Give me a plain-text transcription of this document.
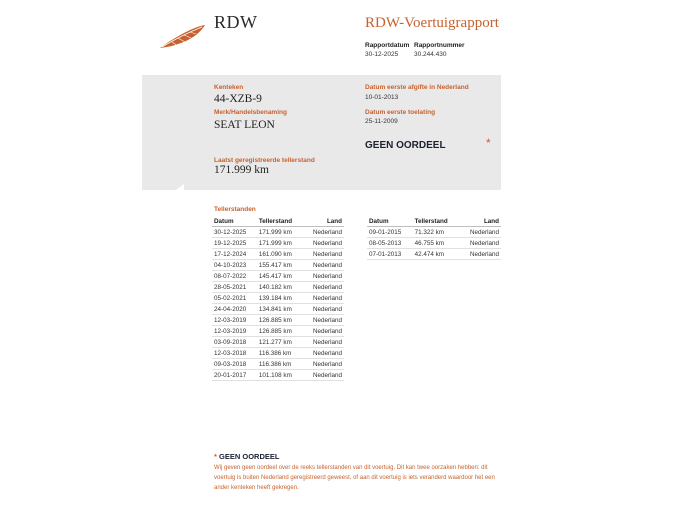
RDW	RDW-Voertuigrapport
Rapportdatum
30-12-2025
Rapportnummer
30.244.430
Kenteken
44-XZB-9
Merk/Handelsbenaming
SEAT LEON
Laatst geregistreerde tellerstand
171.999 km
Datum eerste afgifte in Nederland
10-01-2013
Datum eerste toelating
25-11-2009
GEEN OORDEEL	*
Tellerstanden
Datum	Tellerstand	Land
30-12-2025	171.999 km	Nederland
19-12-2025	171.999 km	Nederland
17-12-2024	161.090 km	Nederland
04-10-2023	155.417 km	Nederland
08-07-2022	145.417 km	Nederland
28-05-2021	140.182 km	Nederland
05-02-2021	139.184 km	Nederland
24-04-2020	134.841 km	Nederland
12-03-2019	126.885 km	Nederland
12-03-2019	126.885 km	Nederland
03-09-2018	121.277 km	Nederland
12-03-2018	116.386 km	Nederland
09-03-2018	116.386 km	Nederland
20-01-2017	101.108 km	Nederland
Datum	Tellerstand	Land
09-01-2015	71.322 km	Nederland
08-05-2013	46.755 km	Nederland
07-01-2013	42.474 km	Nederland
* GEEN OORDEEL
Wij geven geen oordeel over de reeks tellerstanden van dit voertuig. Dit kan twee oorzaken hebben: dit voertuig is buiten Nederland geregistreerd geweest, of aan dit voertuig is iets veranderd waardoor het een ander kenteken heeft gekregen.
